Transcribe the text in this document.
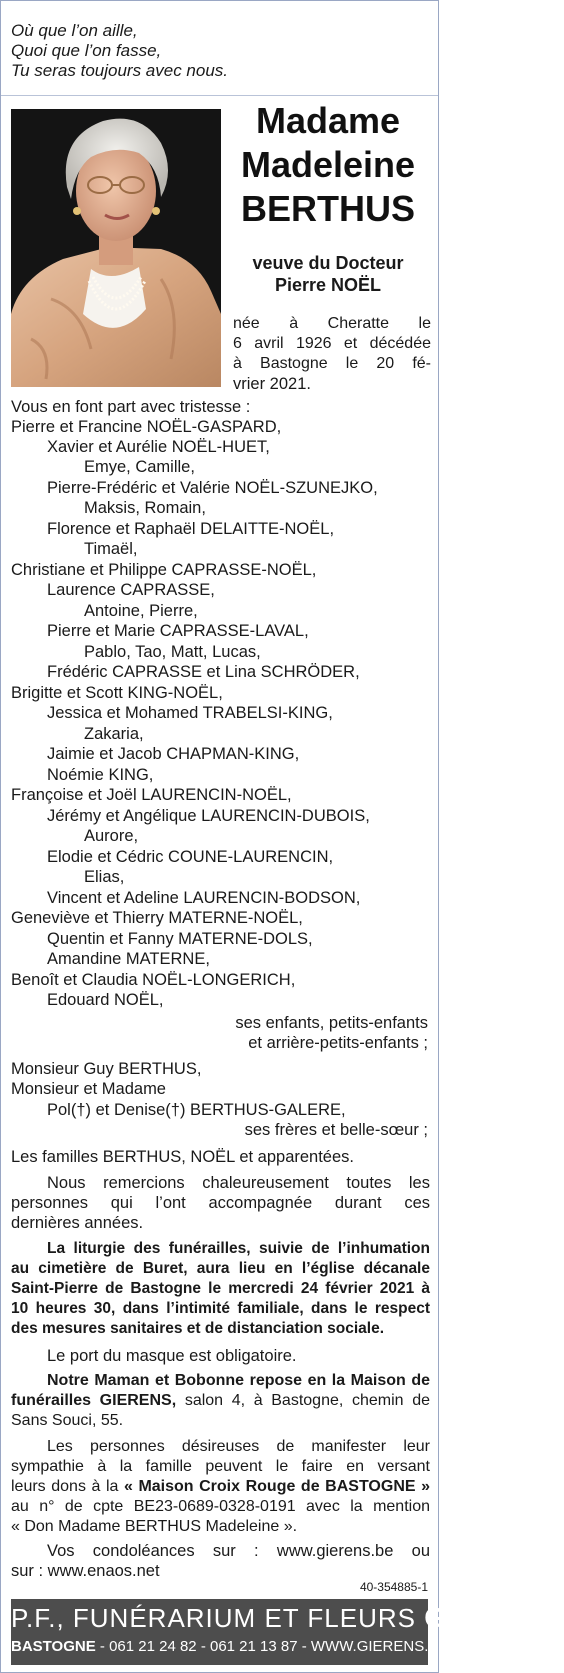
Où que l’on aille,
Quoi que l’on fasse,
Tu seras toujours avec nous.
Madame
Madeleine
BERTHUS
veuve du Docteur
Pierre NOËL
née à Cheratte le
6 avril 1926 et décédée
à Bastogne le 20 fé-
vrier 2021.
Vous en font part avec tristesse :
Pierre et Francine NOËL-GASPARD,
Xavier et Aurélie NOËL-HUET,
Emye, Camille,
Pierre-Frédéric et Valérie NOËL-SZUNEJKO,
Maksis, Romain,
Florence et Raphaël DELAITTE-NOËL,
Timaël,
Christiane et Philippe CAPRASSE-NOËL,
Laurence CAPRASSE,
Antoine, Pierre,
Pierre et Marie CAPRASSE-LAVAL,
Pablo, Tao, Matt, Lucas,
Frédéric CAPRASSE et Lina SCHRÖDER,
Brigitte et Scott KING-NOËL,
Jessica et Mohamed TRABELSI-KING,
Zakaria,
Jaimie et Jacob CHAPMAN-KING,
Noémie KING,
Françoise et Joël LAURENCIN-NOËL,
Jérémy et Angélique LAURENCIN-DUBOIS,
Aurore,
Elodie et Cédric COUNE-LAURENCIN,
Elias,
Vincent et Adeline LAURENCIN-BODSON,
Geneviève et Thierry MATERNE-NOËL,
Quentin et Fanny MATERNE-DOLS,
Amandine MATERNE,
Benoît et Claudia NOËL-LONGERICH,
Edouard NOËL,
ses enfants, petits-enfants
et arrière-petits-enfants ;
Monsieur Guy BERTHUS,
Monsieur et Madame
Pol(†) et Denise(†) BERTHUS-GALERE,
ses frères et belle-sœur ;
Les familles BERTHUS, NOËL et apparentées.
Nous remercions chaleureusement toutes les
personnes qui l’ont accompagnée durant ces
dernières années.
La liturgie des funérailles, suivie de l’inhumation
au cimetière de Buret, aura lieu en l’église décanale
Saint-Pierre de Bastogne le mercredi 24 février 2021 à
10 heures 30, dans l’intimité familiale, dans le respect
des mesures sanitaires et de distanciation sociale.
Le port du masque est obligatoire.
Notre Maman et Bobonne repose en la Maison de
funérailles GIERENS, salon 4, à Bastogne, chemin de
Sans Souci, 55.
Les personnes désireuses de manifester leur
sympathie à la famille peuvent le faire en versant
leurs dons à la « Maison Croix Rouge de BASTOGNE »
au n° de cpte BE23-0689-0328-0191 avec la mention
« Don Madame BERTHUS Madeleine ».
Vos condoléances sur : www.gierens.be ou
sur : www.enaos.net
40-354885-1
P.F., FUNÉRARIUM ET FLEURS GIERENS
BASTOGNE - 061 21 24 82 - 061 21 13 87 - WWW.GIERENS.BE
